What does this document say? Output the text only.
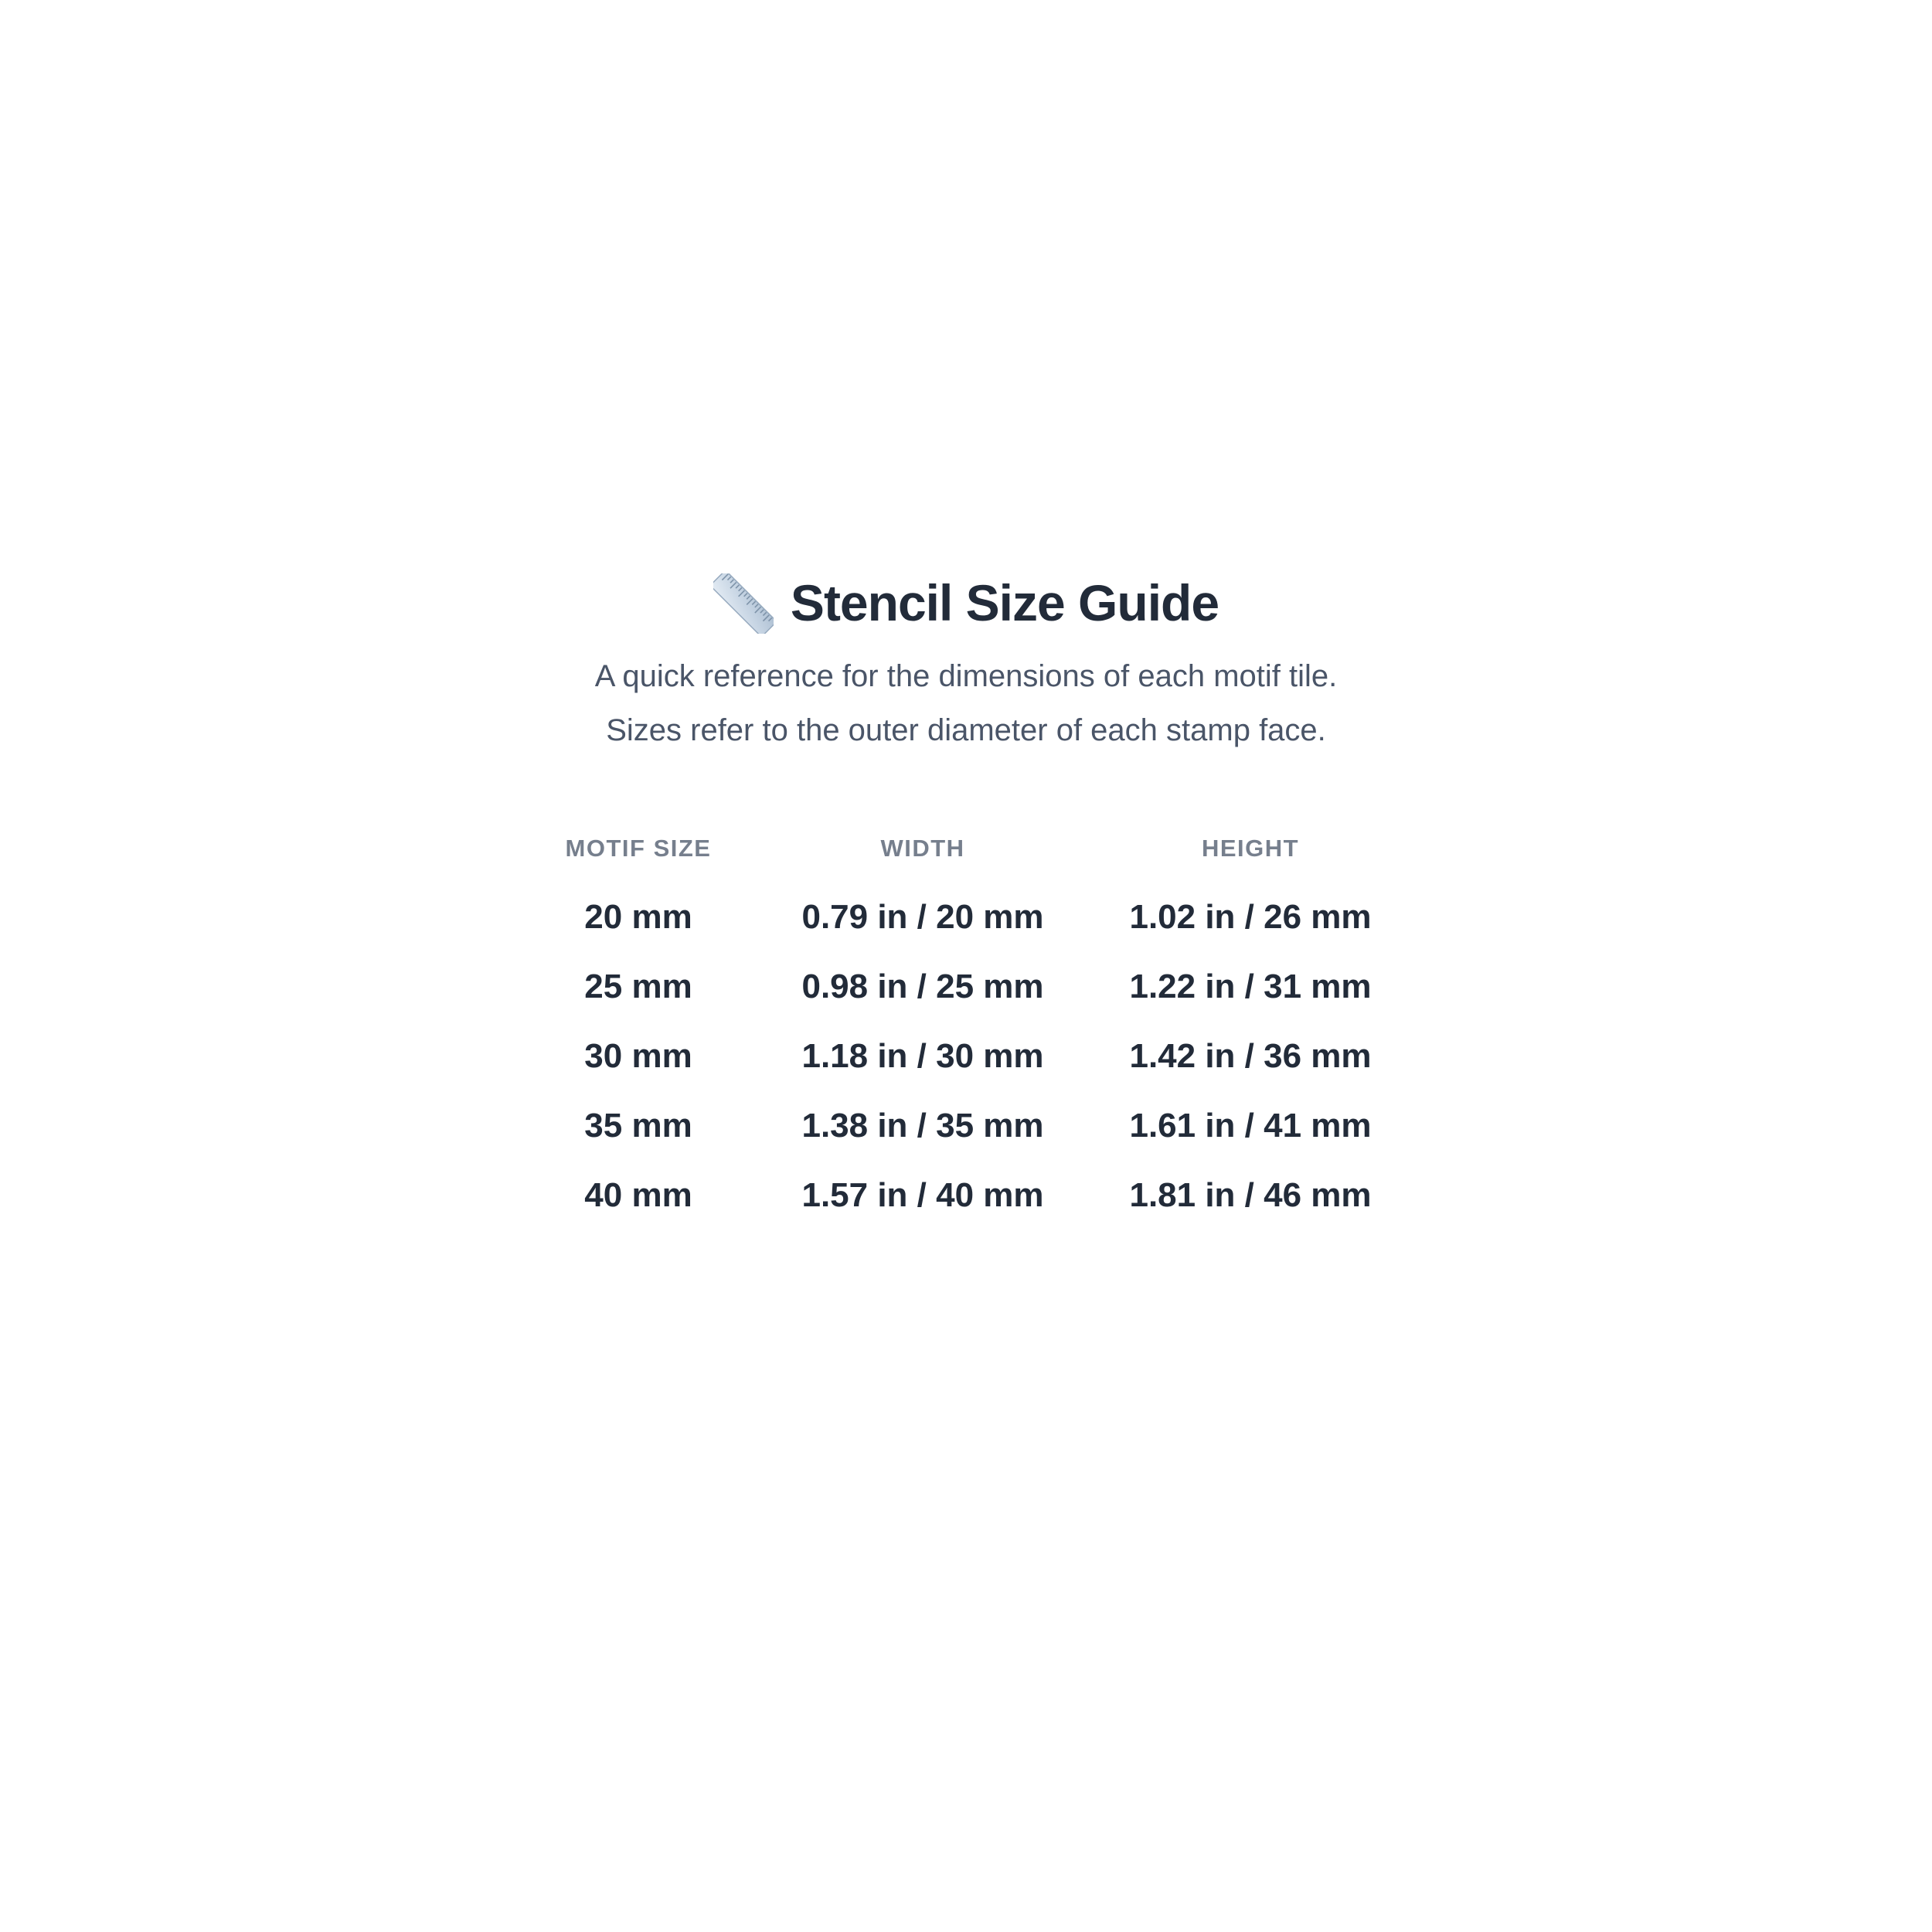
Stencil Size Guide

A quick reference for the dimensions of each motif tile.

Sizes refer to the outer diameter of each stamp face.

MOTIF SIZE	WIDTH	HEIGHT
20 mm	0.79 in / 20 mm	1.02 in / 26 mm
25 mm	0.98 in / 25 mm	1.22 in / 31 mm
30 mm	1.18 in / 30 mm	1.42 in / 36 mm
35 mm	1.38 in / 35 mm	1.61 in / 41 mm
40 mm	1.57 in / 40 mm	1.81 in / 46 mm
